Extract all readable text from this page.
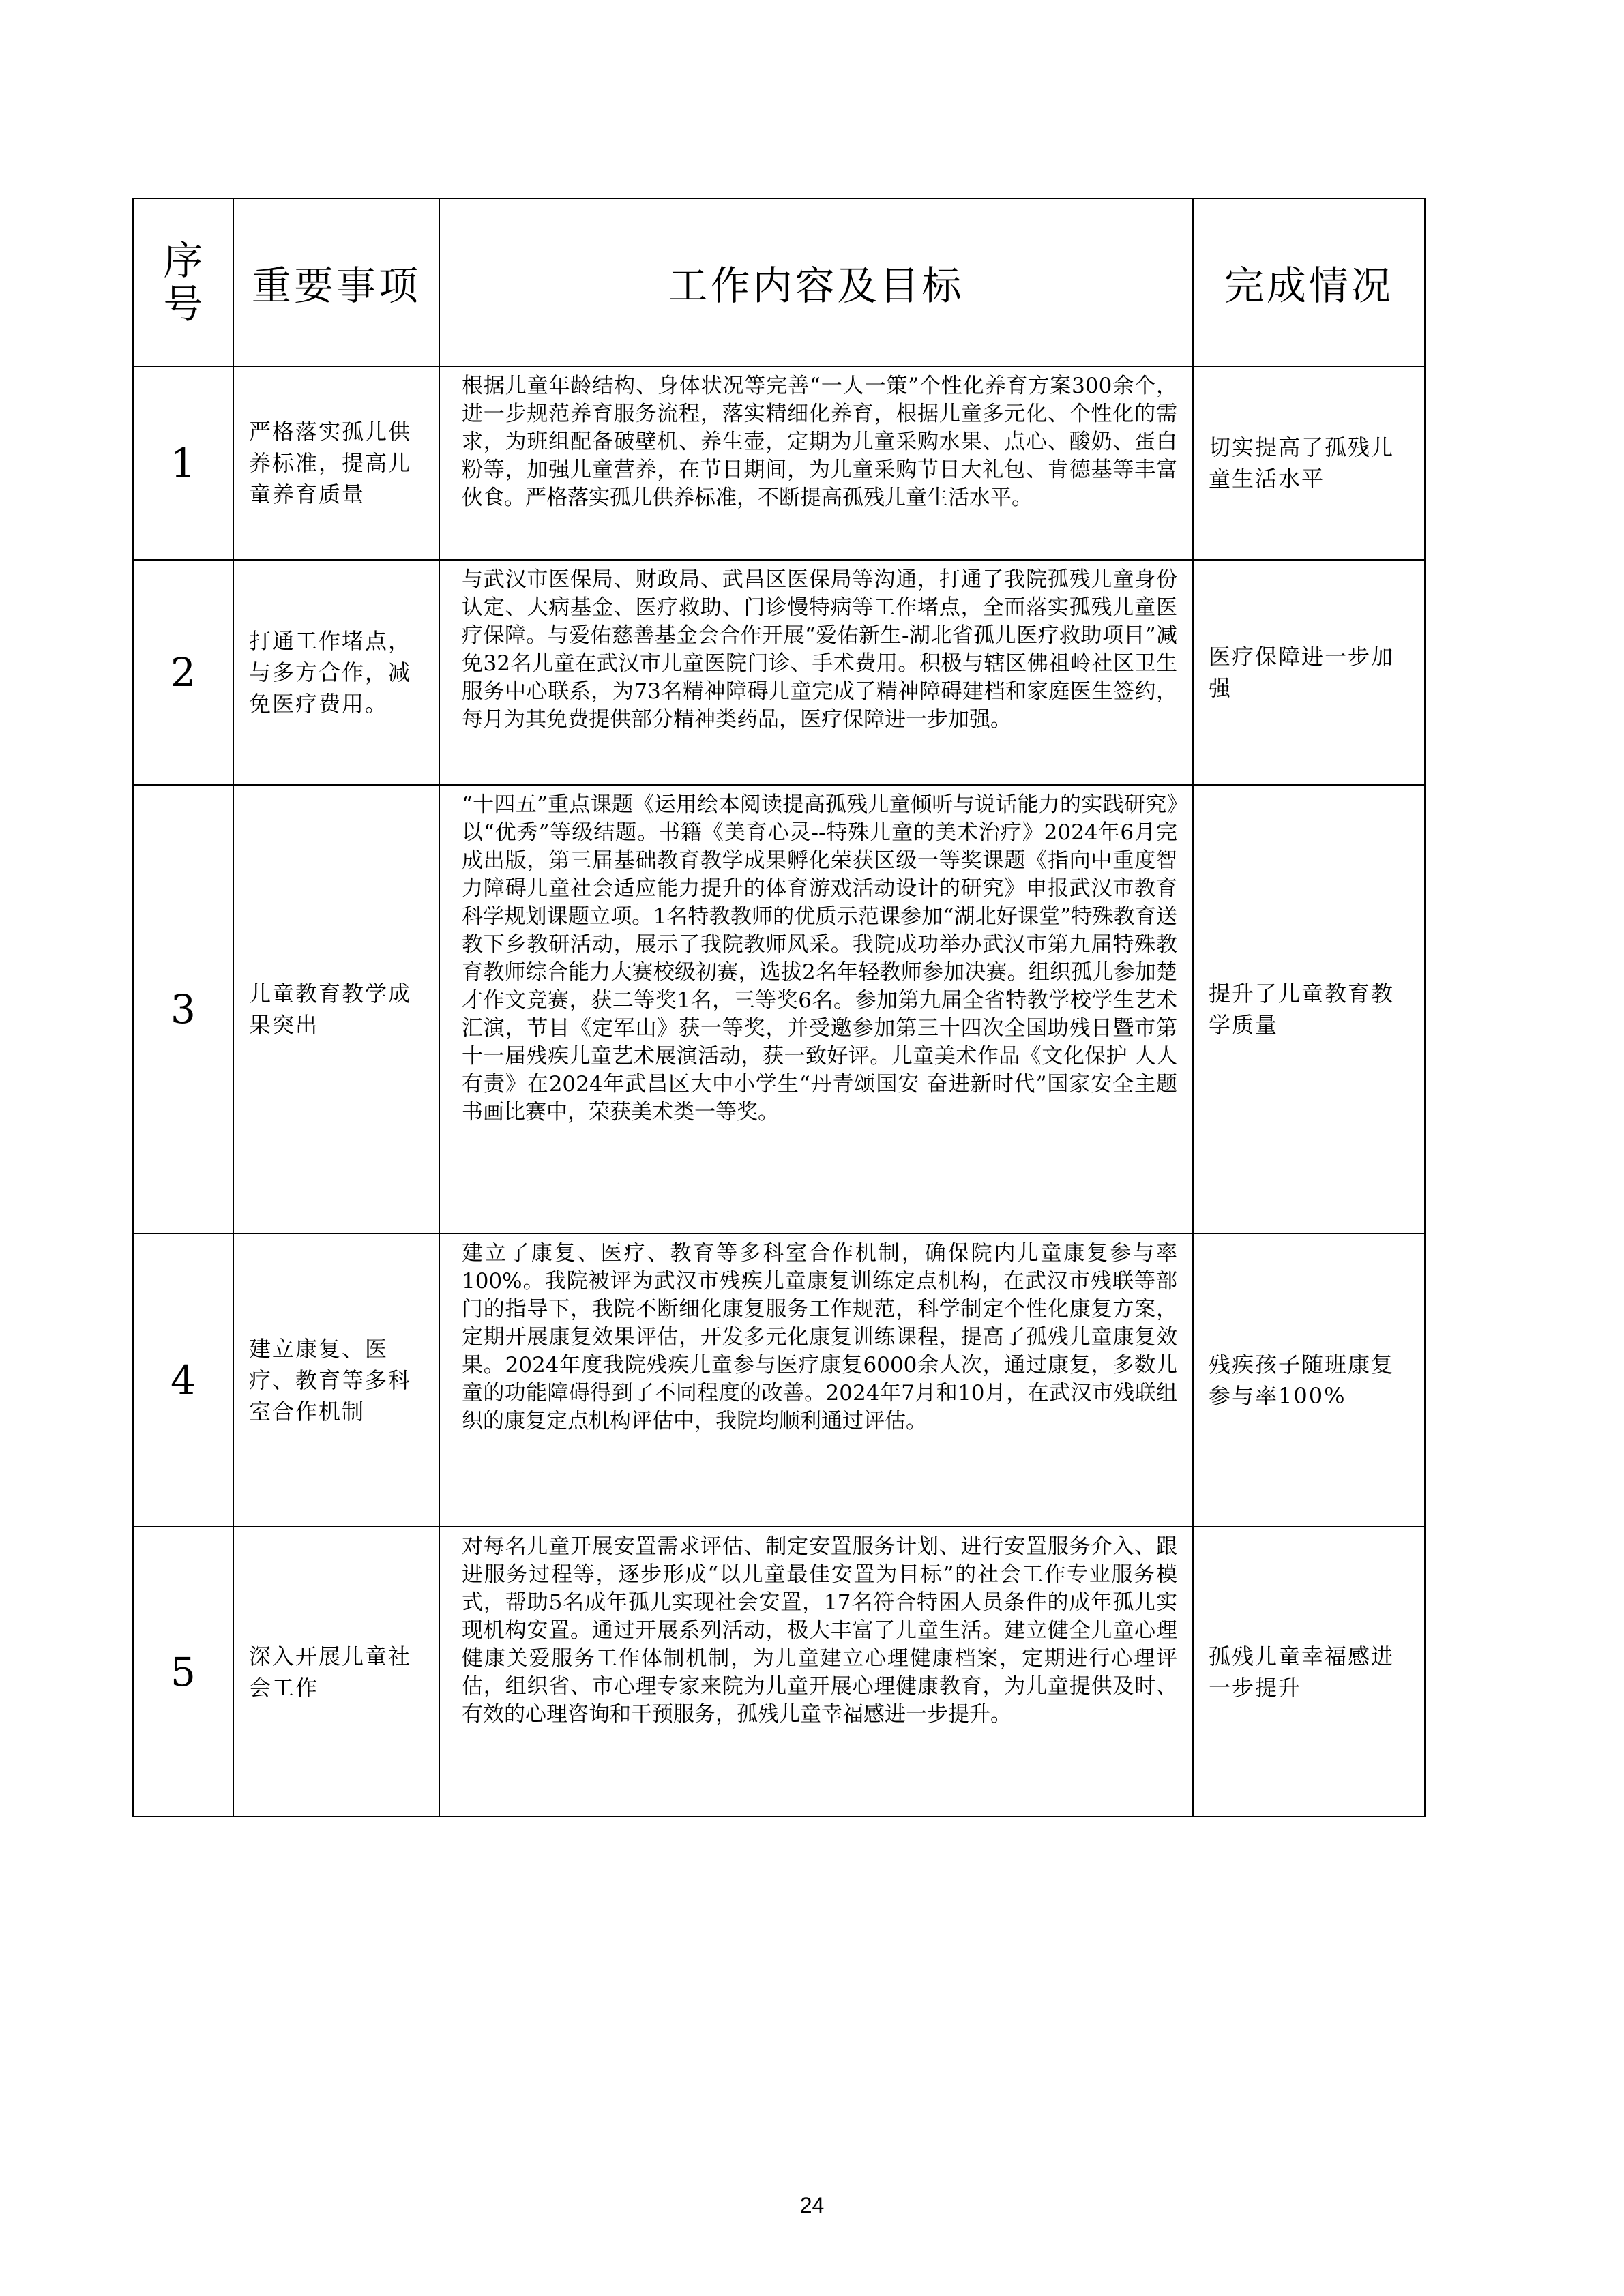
序
号	重要事项	工作内容及目标	完成情况
1	严格落实孤儿供养标准，提高儿童养育质量	根据儿童年龄结构、身体状况等完善“一人一策”个性化养育方案300余个，进一步规范养育服务流程，落实精细化养育，根据儿童多元化、个性化的需求，为班组配备破壁机、养生壶，定期为儿童采购水果、点心、酸奶、蛋白粉等，加强儿童营养，在节日期间，为儿童采购节日大礼包、肯德基等丰富伙食。严格落实孤儿供养标准，不断提高孤残儿童生活水平。	切实提高了孤残儿童生活水平
2	打通工作堵点，与多方合作，减免医疗费用。	与武汉市医保局、财政局、武昌区医保局等沟通，打通了我院孤残儿童身份认定、大病基金、医疗救助、门诊慢特病等工作堵点，全面落实孤残儿童医疗保障。与爱佑慈善基金会合作开展“爱佑新生-湖北省孤儿医疗救助项目”减免32名儿童在武汉市儿童医院门诊、手术费用。积极与辖区佛祖岭社区卫生服务中心联系，为73名精神障碍儿童完成了精神障碍建档和家庭医生签约，每月为其免费提供部分精神类药品，医疗保障进一步加强。	医疗保障进一步加强
3	儿童教育教学成果突出	“十四五”重点课题《运用绘本阅读提高孤残儿童倾听与说话能力的实践研究》以“优秀”等级结题。书籍《美育心灵--特殊儿童的美术治疗》2024年6月完成出版，第三届基础教育教学成果孵化荣获区级一等奖课题《指向中重度智力障碍儿童社会适应能力提升的体育游戏活动设计的研究》申报武汉市教育科学规划课题立项。1名特教教师的优质示范课参加“湖北好课堂”特殊教育送教下乡教研活动，展示了我院教师风采。我院成功举办武汉市第九届特殊教育教师综合能力大赛校级初赛，选拔2名年轻教师参加决赛。组织孤儿参加楚才作文竞赛，获二等奖1名，三等奖6名。参加第九届全省特教学校学生艺术汇演，节目《定军山》获一等奖，并受邀参加第三十四次全国助残日暨市第十一届残疾儿童艺术展演活动，获一致好评。儿童美术作品《文化保护 人人有责》在2024年武昌区大中小学生“丹青颂国安 奋进新时代”国家安全主题书画比赛中，荣获美术类一等奖。	提升了儿童教育教学质量
4	建立康复、医疗、教育等多科室合作机制	建立了康复、医疗、教育等多科室合作机制，确保院内儿童康复参与率100%。我院被评为武汉市残疾儿童康复训练定点机构，在武汉市残联等部门的指导下，我院不断细化康复服务工作规范，科学制定个性化康复方案，定期开展康复效果评估，开发多元化康复训练课程，提高了孤残儿童康复效果。2024年度我院残疾儿童参与医疗康复6000余人次，通过康复，多数儿童的功能障碍得到了不同程度的改善。2024年7月和10月，在武汉市残联组织的康复定点机构评估中，我院均顺利通过评估。	残疾孩子随班康复参与率100%
5	深入开展儿童社会工作	对每名儿童开展安置需求评估、制定安置服务计划、进行安置服务介入、跟进服务过程等，逐步形成“以儿童最佳安置为目标”的社会工作专业服务模式，帮助5名成年孤儿实现社会安置，17名符合特困人员条件的成年孤儿实现机构安置。通过开展系列活动，极大丰富了儿童生活。建立健全儿童心理健康关爱服务工作体制机制，为儿童建立心理健康档案，定期进行心理评估，组织省、市心理专家来院为儿童开展心理健康教育，为儿童提供及时、有效的心理咨询和干预服务，孤残儿童幸福感进一步提升。	孤残儿童幸福感进一步提升
24
